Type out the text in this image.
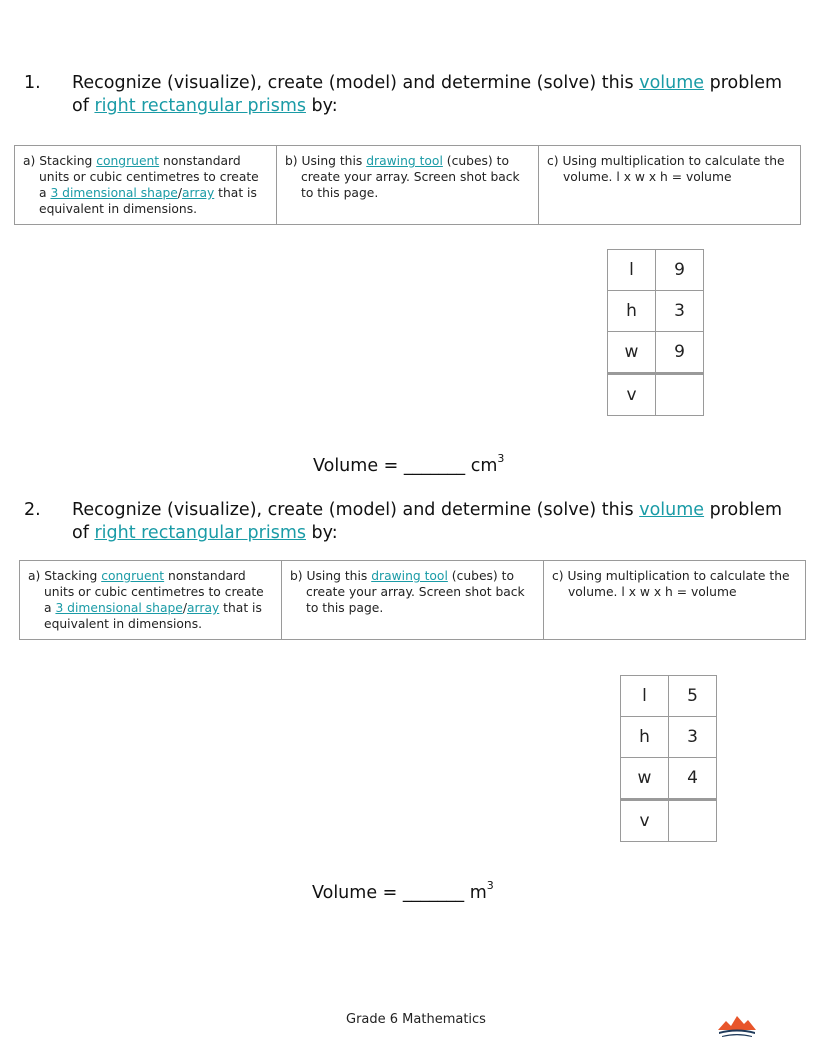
1. Recognize (visualize), create (model) and determine (solve) this volume problem of right rectangular prisms by:
a) Stacking congruent nonstandard units or cubic centimetres to create a 3 dimensional shape/array that is equivalent in dimensions.

b) Using this drawing tool (cubes) to create your array. Screen shot back to this page.

c) Using multiplication to calculate the volume. l x w x h = volume
l	9
h	3
w	9
v	
Volume = _______ $cm^3$
2. Recognize (visualize), create (model) and determine (solve) this volume problem of right rectangular prisms by:
a) Stacking congruent nonstandard units or cubic centimetres to create a 3 dimensional shape/array that is equivalent in dimensions.

b) Using this drawing tool (cubes) to create your array. Screen shot back to this page.

c) Using multiplication to calculate the volume. l x w x h = volume
l	5
h	3
w	4
v	
Volume = _______ $m^3$
Grade 6 Mathematics
